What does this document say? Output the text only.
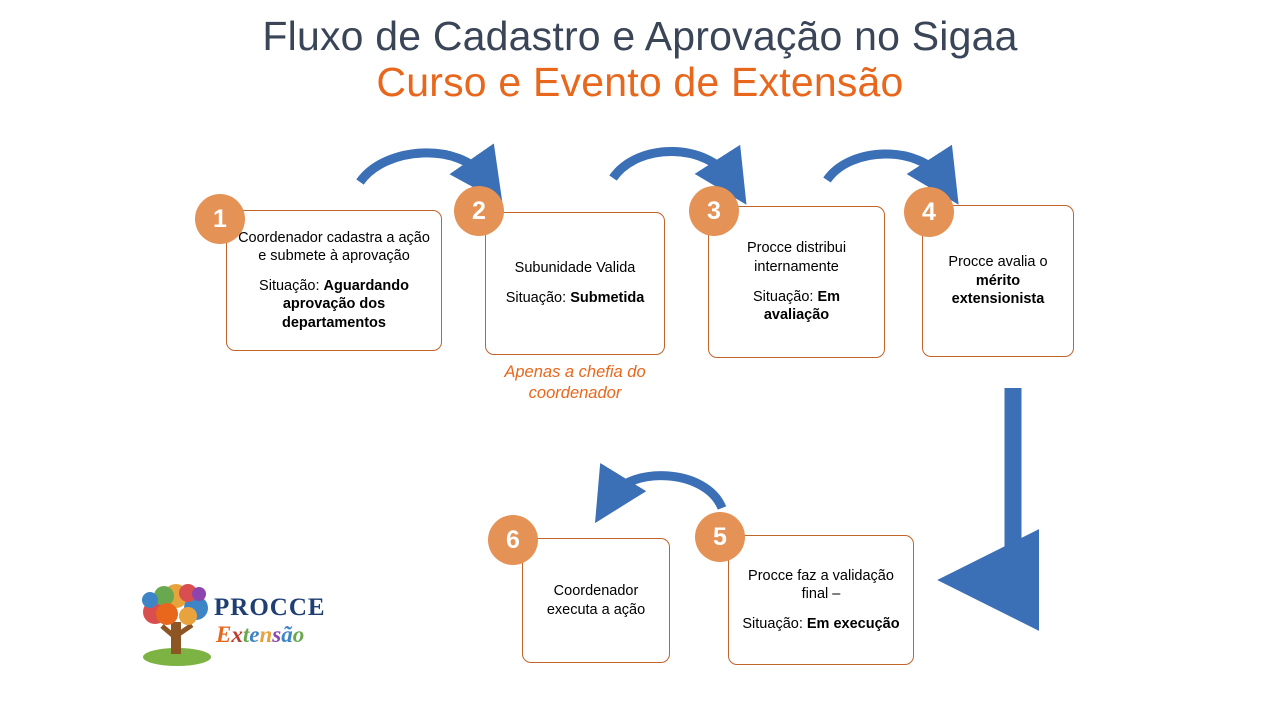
Fluxo de Cadastro e Aprovação no Sigaa
Curso e Evento de Extensão
Coordenador cadastra a ação e submete à aprovação
Situação: Aguardando aprovação dos departamentos
Subunidade Valida
Situação: Submetida
Procce distribui internamente
Situação: Em avaliação
Procce avalia o
mérito extensionista
1	2	3	4
Apenas a chefia do coordenador
Coordenador executa a ação
Procce faz a validação final –
Situação: Em execução
6	5
PROCCE
Extensão
